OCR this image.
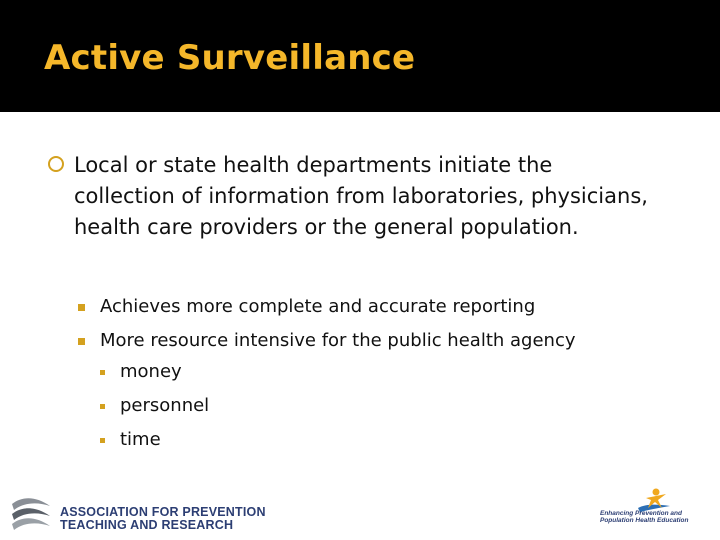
Active Surveillance
Local or state health departments initiate the collection of information from laboratories, physicians, health care providers or the general population.
Achieves more complete and accurate reporting
More resource intensive for the public health agency
money
personnel
time
ASSOCIATION FOR PREVENTION
TEACHING AND RESEARCH
Enhancing Prevention and
Population Health Education
